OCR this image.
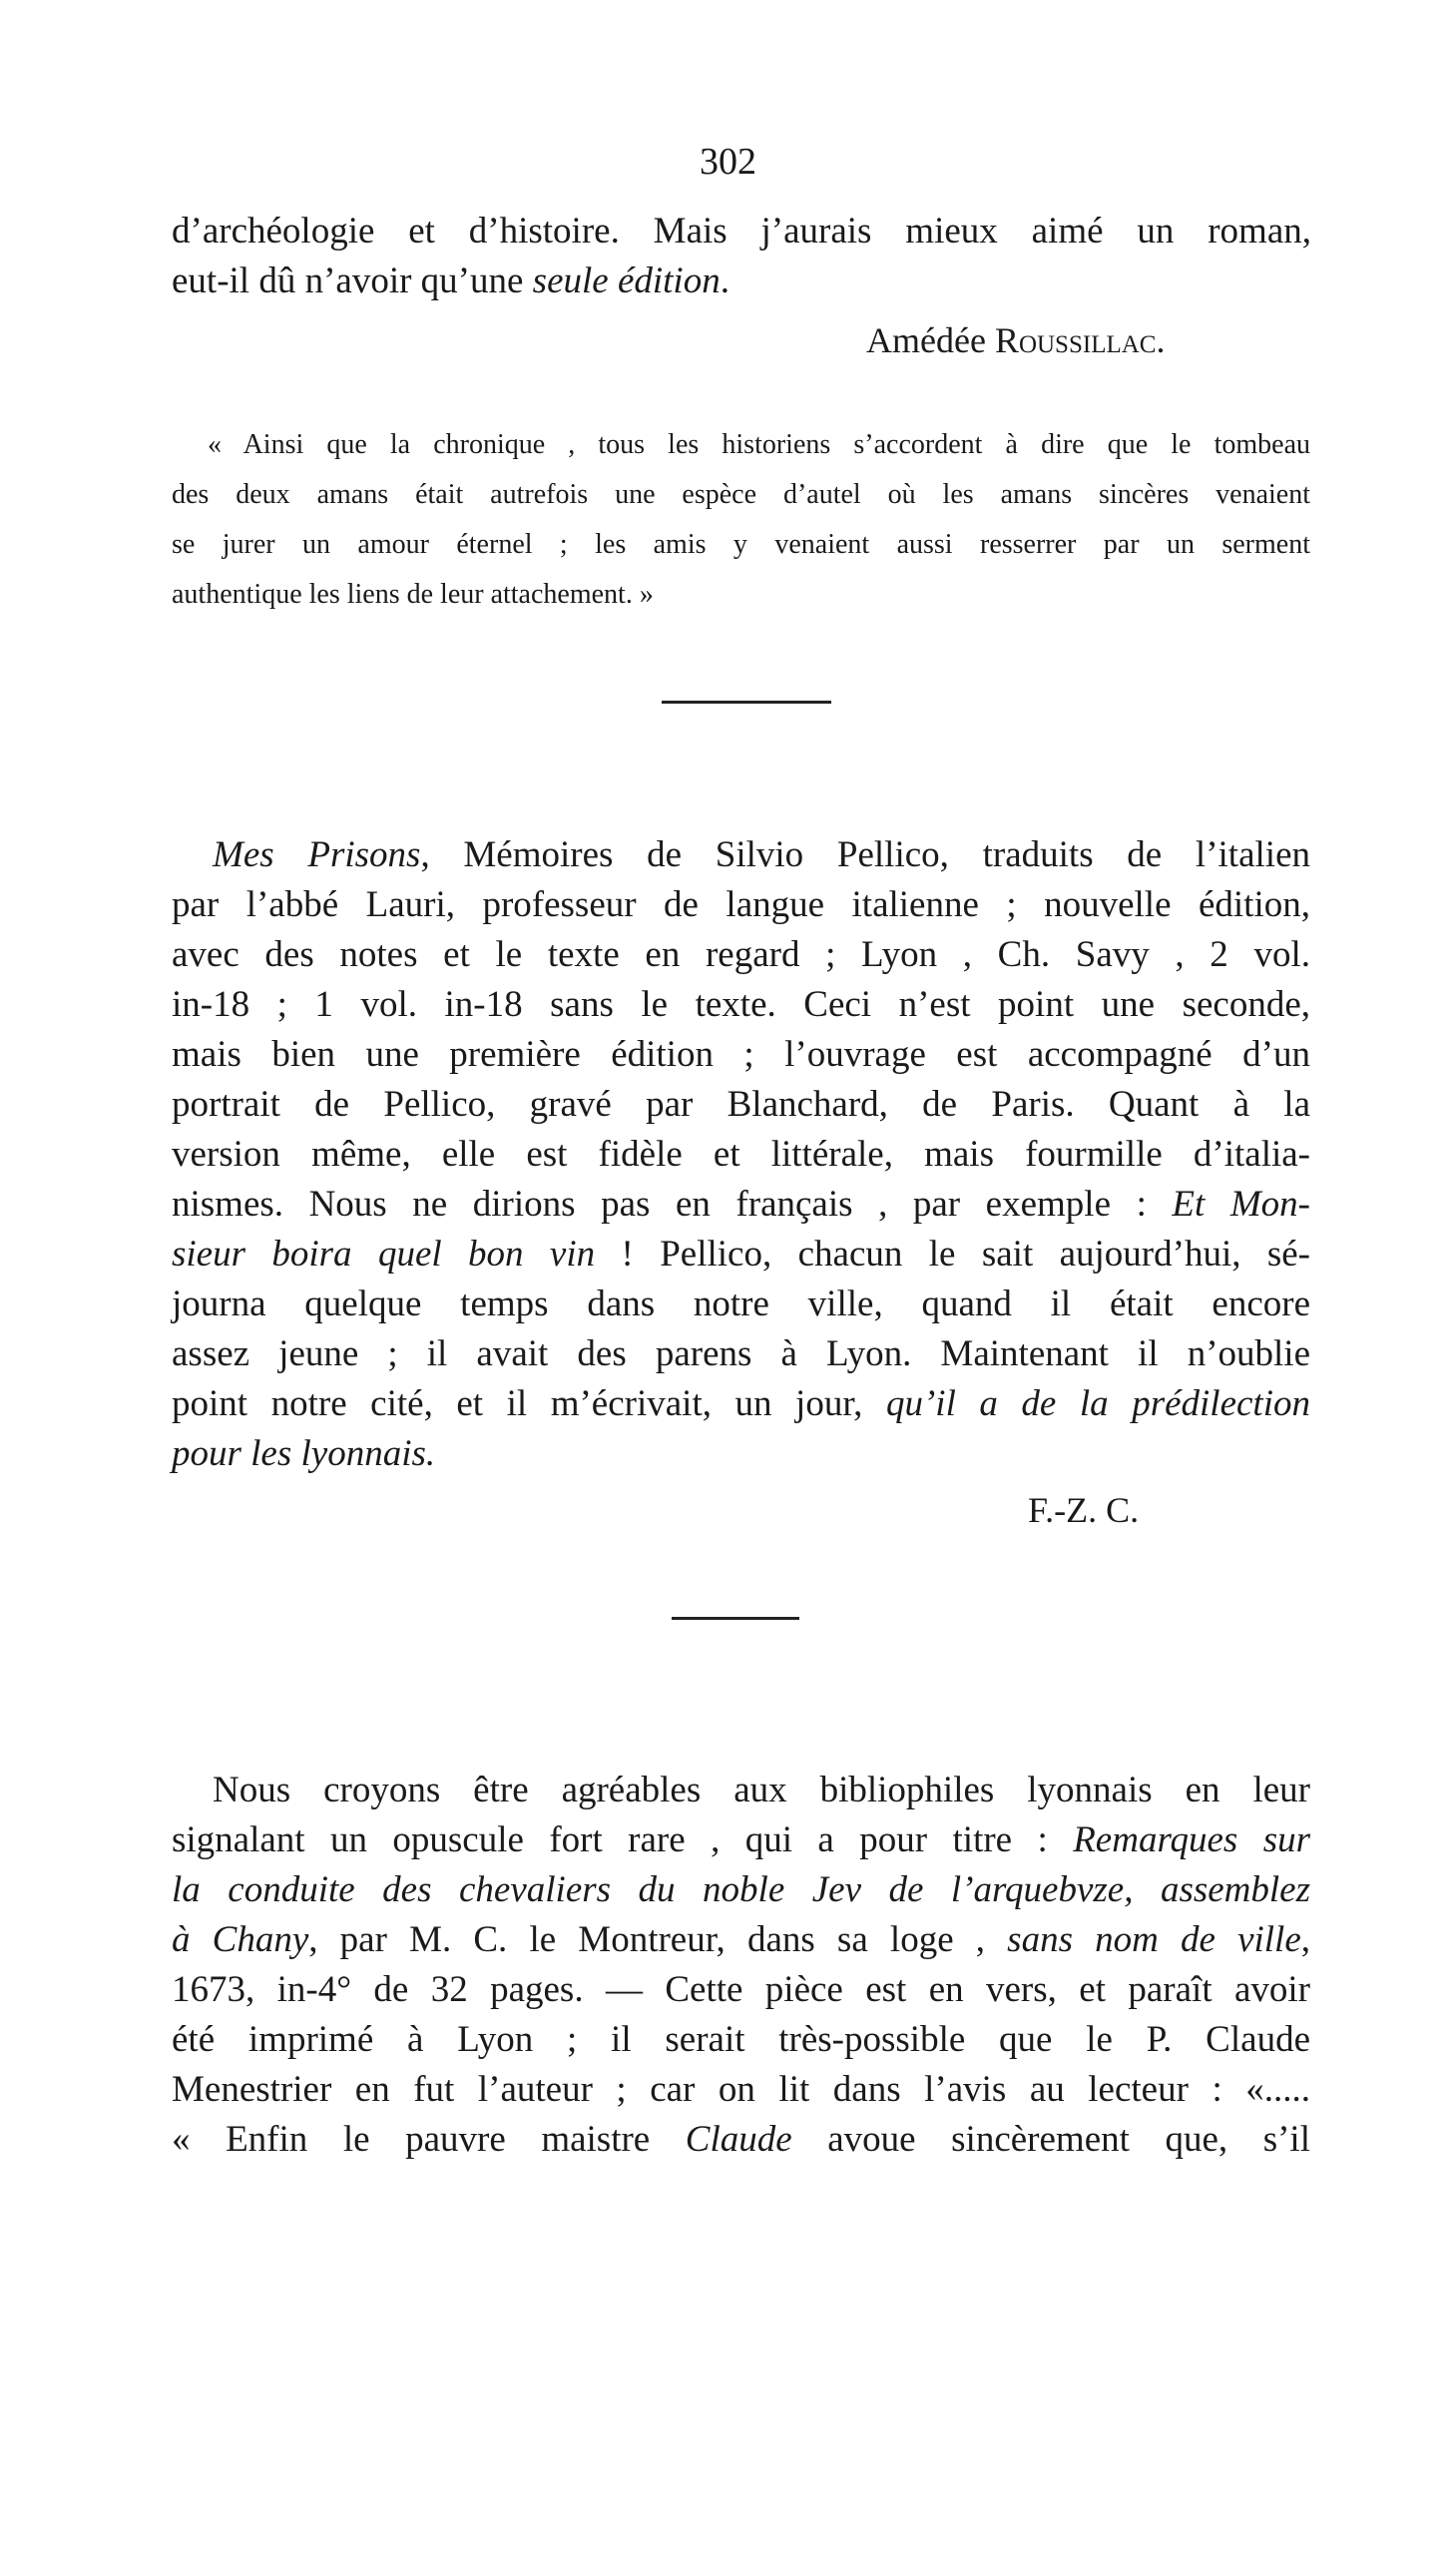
302
d’archéologie et d’histoire. Mais j’aurais mieux aimé un roman,
eut-il dû n’avoir qu’une seule édition.
Amédée Roussillac.
« Ainsi que la chronique , tous les historiens s’accordent à dire que le tombeau
des deux amans était autrefois une espèce d’autel où les amans sincères venaient
se jurer un amour éternel ; les amis y venaient aussi resserrer par un serment
authentique les liens de leur attachement. »
Mes Prisons, Mémoires de Silvio Pellico, traduits de l’italien
par l’abbé Lauri, professeur de langue italienne ; nouvelle édition,
avec des notes et le texte en regard ; Lyon , Ch. Savy , 2 vol.
in-18 ; 1 vol. in-18 sans le texte. Ceci n’est point une seconde,
mais bien une première édition ; l’ouvrage est accompagné d’un
portrait de Pellico, gravé par Blanchard, de Paris. Quant à la
version même, elle est fidèle et littérale, mais fourmille d’italia-
nismes. Nous ne dirions pas en français , par exemple : Et Mon-
sieur boira quel bon vin ! Pellico, chacun le sait aujourd’hui, sé-
journa quelque temps dans notre ville, quand il était encore
assez jeune ; il avait des parens à Lyon. Maintenant il n’oublie
point notre cité, et il m’écrivait, un jour, qu’il a de la prédilection
pour les lyonnais.
F.-Z. C.
Nous croyons être agréables aux bibliophiles lyonnais en leur
signalant un opuscule fort rare , qui a pour titre : Remarques sur
la conduite des chevaliers du noble Jev de l’arquebvze, assemblez
à Chany, par M. C. le Montreur, dans sa loge , sans nom de ville,
1673, in-4° de 32 pages. — Cette pièce est en vers, et paraît avoir
été imprimé à Lyon ; il serait très-possible que le P. Claude
Menestrier en fut l’auteur ; car on lit dans l’avis au lecteur : «.....
« Enfin le pauvre maistre Claude avoue sincèrement que, s’il
